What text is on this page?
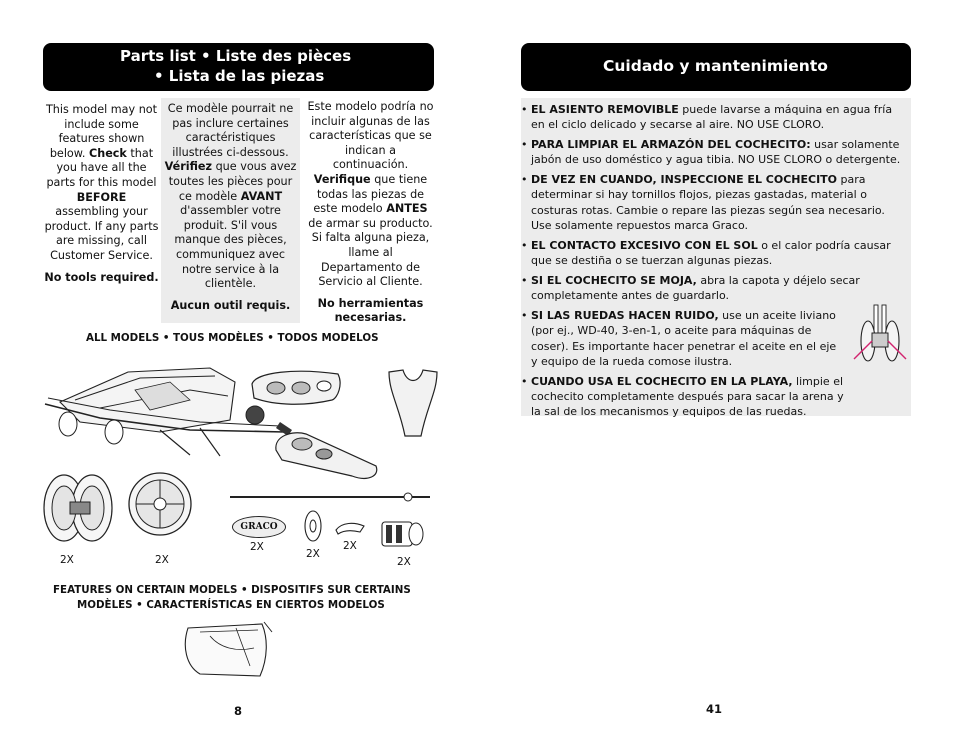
Parts list • Liste des pièces
• Lista de las piezas

This model may not include some features shown below. Check that you have all the parts for this model BEFORE assembling your product. If any parts are missing, call Customer Service.

No tools required.

Ce modèle pourrait ne pas inclure certaines caractéristiques illustrées ci-dessous. Vérifiez que vous avez toutes les pièces pour ce modèle AVANT d'assembler votre produit. S'il vous manque des pièces, communiquez avec notre service à la clientèle.

Aucun outil requis.

Este modelo podría no incluir algunas de las características que se indican a continuación. Verifique que tiene todas las piezas de este modelo ANTES de armar su producto. Si falta alguna pieza, llame al Departamento de Servicio al Cliente.

No herramientas necesarias.

ALL MODELS • TOUS MODÈLES • TODOS MODELOS
GRACO
2X	2X
2X
2X
2X
2X
FEATURES ON CERTAIN MODELS • DISPOSITIFS SUR CERTAINS
MODÈLES • CARACTERÍSTICAS EN CIERTOS MODELOS
8
Cuidado y mantenimiento
• EL ASIENTO REMOVIBLE puede lavarse a máquina en agua fría en el ciclo delicado y secarse al aire. NO USE CLORO.
• PARA LIMPIAR EL ARMAZÓN DEL COCHECITO: usar solamente jabón de uso doméstico y agua tibia. NO USE CLORO o detergente.
• DE VEZ EN CUANDO, INSPECCIONE EL COCHECITO para determinar si hay tornillos flojos, piezas gastadas, material o costuras rotas. Cambie o repare las piezas según sea necesario. Use solamente repuestos marca Graco.
• EL CONTACTO EXCESIVO CON EL SOL o el calor podría causar que se destiña o se tuerzan algunas piezas.
• SI EL COCHECITO SE MOJA, abra la capota y déjelo secar completamente antes de guardarlo.
• SI LAS RUEDAS HACEN RUIDO, use un aceite liviano (por ej., WD-40, 3-en-1, o aceite para máquinas de coser). Es importante hacer penetrar el aceite en el eje y equipo de la rueda comose ilustra.
• CUANDO USA EL COCHECITO EN LA PLAYA, limpie el cochecito completamente después para sacar la arena y la sal de los mecanismos y equipos de las ruedas.
41
